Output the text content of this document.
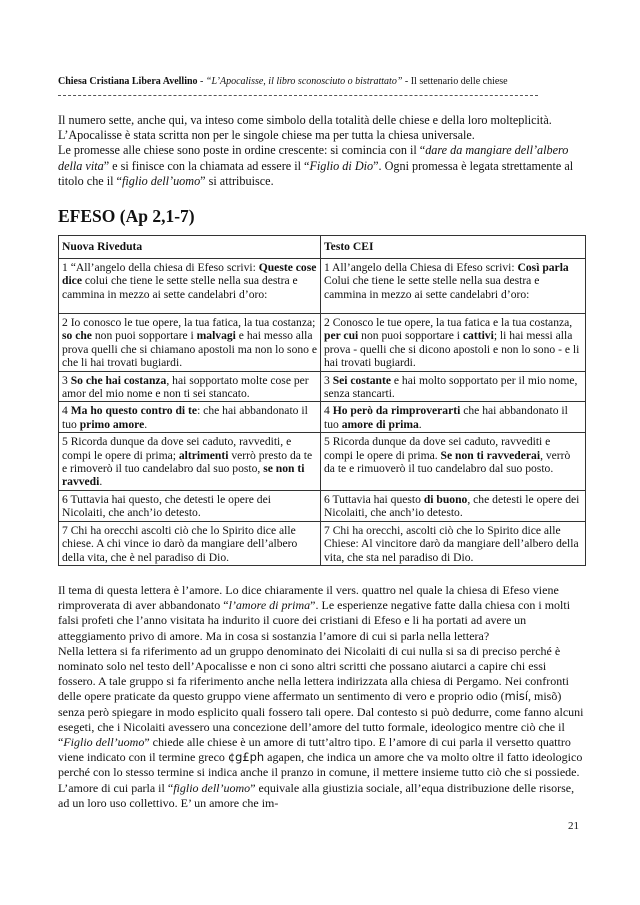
Chiesa Cristiana Libera Avellino - “L’Apocalisse, il libro sconosciuto o bistrattato” - Il settenario delle chiese

Il numero sette, anche qui, va inteso come simbolo della totalità delle chiese e della loro molteplicità.

L’Apocalisse è stata scritta non per le singole chiese ma per tutta la chiesa universale.

Le promesse alle chiese sono poste in ordine crescente: si comincia con il “dare da mangiare dell’albero della vita” e si finisce con la chiamata ad essere il “Figlio di Dio”. Ogni promessa è legata strettamente al titolo che il “figlio dell’uomo” si attribuisce.

EFESO (Ap 2,1-7)
Nuova Riveduta	Testo CEI
1 “All’angelo della chiesa di Efeso scrivi: Queste cose dice colui che tiene le sette stelle nella sua destra e cammina in mezzo ai sette candelabri d’oro:	1 All’angelo della Chiesa di Efeso scrivi: Così parla Colui che tiene le sette stelle nella sua destra e cammina in mezzo ai sette candelabri d’oro:
2 Io conosco le tue opere, la tua fatica, la tua costanza; so che non puoi sopportare i malvagi e hai messo alla prova quelli che si chiamano apostoli ma non lo sono e che li hai trovati bugiardi.	2 Conosco le tue opere, la tua fatica e la tua costanza, per cui non puoi sopportare i cattivi; li hai messi alla prova - quelli che si dicono apostoli e non lo sono - e li hai trovati bugiardi.
3 So che hai costanza, hai sopportato molte cose per amor del mio nome e non ti sei stancato.	3 Sei costante e hai molto sopportato per il mio nome, senza stancarti.
4 Ma ho questo contro di te: che hai abbandonato il tuo primo amore.	4 Ho però da rimproverarti che hai abbandonato il tuo amore di prima.
5 Ricorda dunque da dove sei caduto, ravvediti, e compi le opere di prima; altrimenti verrò presto da te e rimoverò il tuo candelabro dal suo posto, se non ti ravvedi.	5 Ricorda dunque da dove sei caduto, ravvediti e compi le opere di prima. Se non ti ravvederai, verrò da te e rimuoverò il tuo candelabro dal suo posto.
6 Tuttavia hai questo, che detesti le opere dei Nicolaiti, che anch’io detesto.	6 Tuttavia hai questo di buono, che detesti le opere dei Nicolaiti, che anch’io detesto.
7 Chi ha orecchi ascolti ciò che lo Spirito dice alle chiese. A chi vince io darò da mangiare dell’albero della vita, che è nel paradiso di Dio.	7 Chi ha orecchi, ascolti ciò che lo Spirito dice alle Chiese: Al vincitore darò da mangiare dell’albero della vita, che sta nel paradiso di Dio.

Il tema di questa lettera è l’amore. Lo dice chiaramente il vers. quattro nel quale la chiesa di Efeso viene rimproverata di aver abbandonato “l’amore di prima”. Le esperienze negative fatte dalla chiesa con i molti falsi profeti che l’anno visitata ha indurito il cuore dei cristiani di Efeso e li ha portati ad avere un atteggiamento privo di amore. Ma in cosa si sostanzia l’amore di cui si parla nella lettera?

Nella lettera si fa riferimento ad un gruppo denominato dei Nicolaiti di cui nulla si sa di preciso perché è nominato solo nel testo dell’Apocalisse e non ci sono altri scritti che possano aiutarci a capire chi essi fossero. A tale gruppo si fa riferimento anche nella lettera indirizzata alla chiesa di Pergamo. Nei confronti delle opere praticate da questo gruppo viene affermato un sentimento di vero e proprio odio (misí, misõ) senza però spiegare in modo esplicito quali fossero tali opere. Dal contesto si può dedurre, come fanno alcuni esegeti, che i Nicolaiti avessero una concezione dell’amore del tutto formale, ideologico mentre ciò che il “Figlio dell’uomo” chiede alle chiese è un amore di tutt’altro tipo. E l’amore di cui parla il versetto quattro viene indicato con il termine greco ¢g£ph agapen, che indica un amore che va molto oltre il fatto ideologico perché con lo stesso termine si indica anche il pranzo in comune, il mettere insieme tutto ciò che si possiede. L’amore di cui parla il “figlio dell’uomo” equivale alla giustizia sociale, all’equa distribuzione delle risorse, ad un loro uso collettivo. E’ un amore che im-

21
